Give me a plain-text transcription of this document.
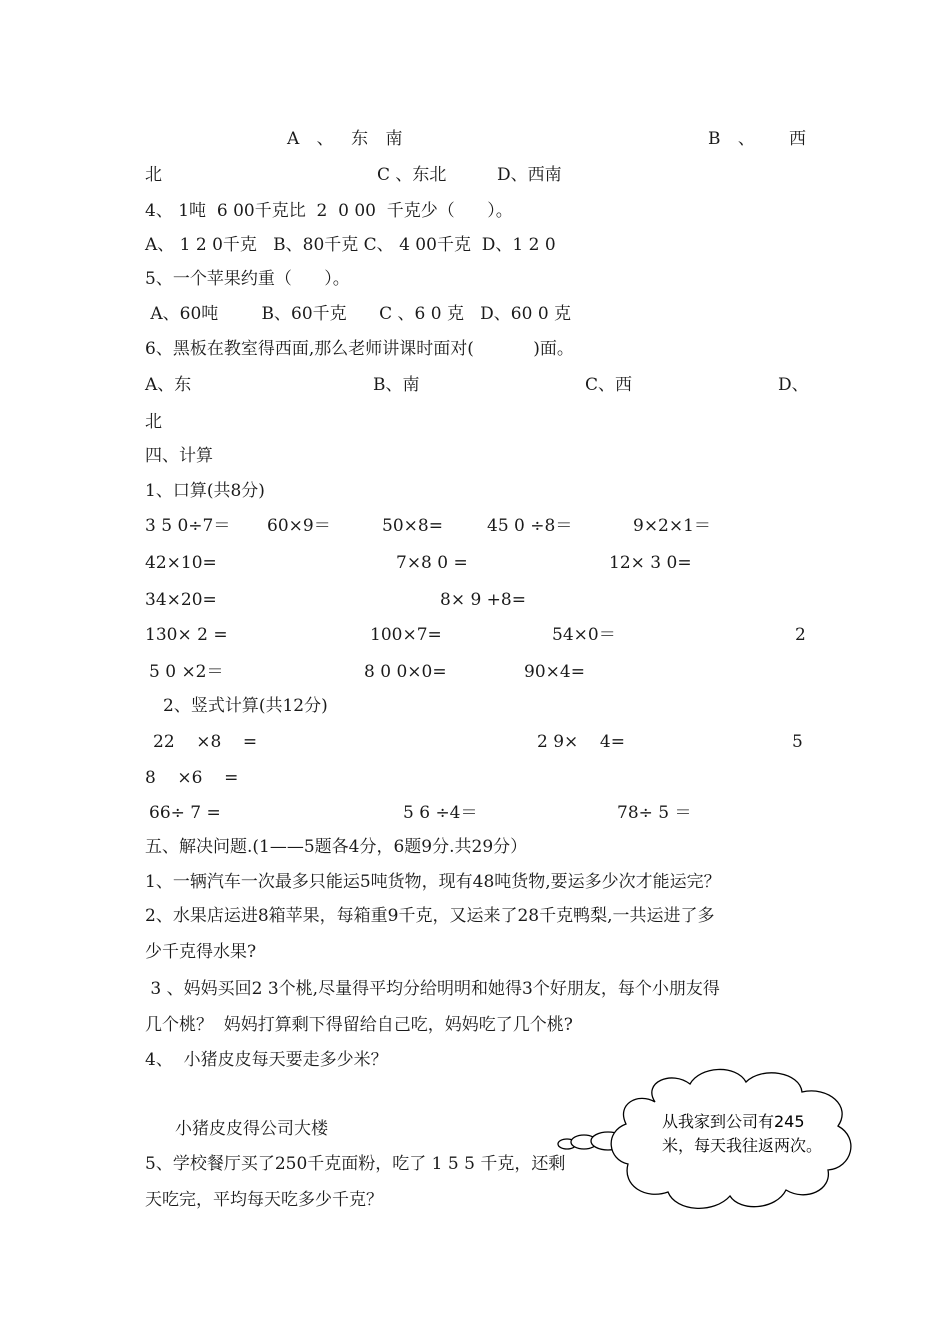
A 、 东 南	B 、 西
北	C 、东北	D、西南
4、 1吨  6 00千克比  2  0 00  千克少（      ）。
A、 1 2 0千克   B、80千克 C、 4 00千克  D、1 2 0
5、一个苹果约重（      ）。
A、60吨        B、60千克      C 、6 0 克   D、60 0 克
6、黑板在教室得西面,那么老师讲课时面对(           )面。
A、东	B、南	C、西	D、
北
四、计算
1、口算(共8分)
3 5 0÷7＝ 60×9＝	50×8=	45 0 ÷8＝	9×2×1＝
42×10=	7×8 0 =	12× 3 0=
34×20=	8× 9 +8=
130× 2 =	100×7=	54×0＝	2
5 0 ×2＝	8 0 0×0=	90×4=
2、竖式计算(共12分)
22    ×8    =	2 9×    4=	5
8    ×6    =
66÷ 7 =	5 6 ÷4＝	78÷ 5 ＝
五、解决问题.(1——5题各4分，6题9分.共29分）
1、一辆汽车一次最多只能运5吨货物，现有48吨货物,要运多少次才能运完？
2、水果店运进8箱苹果，每箱重9千克，又运来了28千克鸭梨,一共运进了多
少千克得水果?
3 、妈妈买回2 3个桃,尽量得平均分给明明和她得3个好朋友，每个小朋友得
几个桃？  妈妈打算剩下得留给自己吃，妈妈吃了几个桃?
4、  小猪皮皮每天要走多少米？
小猪皮皮得公司大楼
5、学校餐厅买了250千克面粉，吃了 1 5 5 千克，还剩
天吃完，平均每天吃多少千克？
从我家到公司有245米，每天我往返两次。
